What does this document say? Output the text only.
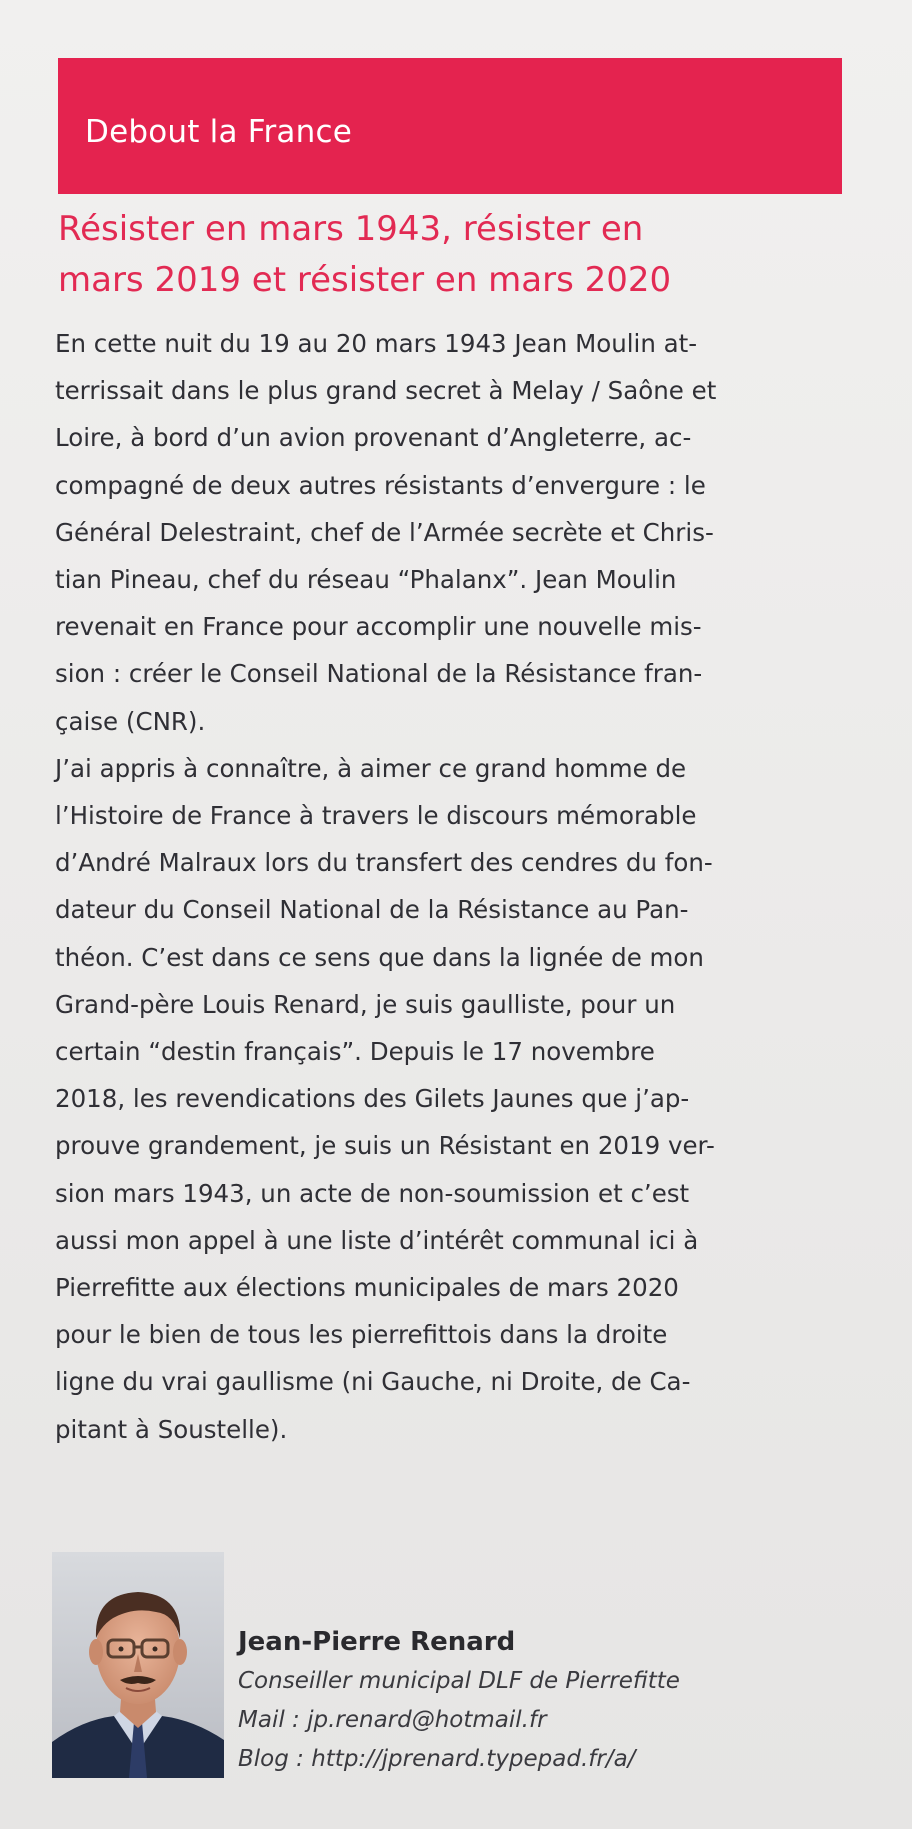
Debout la France
Résister en mars 1943, résister en
mars 2019 et résister en mars 2020
En cette nuit du 19 au 20 mars 1943 Jean Moulin at-
terrissait dans le plus grand secret à Melay / Saône et
Loire, à bord d’un avion provenant d’Angleterre, ac-
compagné de deux autres résistants d’envergure : le
Général Delestraint, chef de l’Armée secrète et Chris-
tian Pineau, chef du réseau “Phalanx”. Jean Moulin
revenait en France pour accomplir une nouvelle mis-
sion : créer le Conseil National de la Résistance fran-
çaise (CNR).
J’ai appris à connaître, à aimer ce grand homme de
l’Histoire de France à travers le discours mémorable
d’André Malraux lors du transfert des cendres du fon-
dateur du Conseil National de la Résistance au Pan-
théon. C’est dans ce sens que dans la lignée de mon
Grand-père Louis Renard, je suis gaulliste, pour un
certain “destin français”. Depuis le 17 novembre
2018, les revendications des Gilets Jaunes que j’ap-
prouve grandement, je suis un Résistant en 2019 ver-
sion mars 1943, un acte de non-soumission et c’est
aussi mon appel à une liste d’intérêt communal ici à
Pierrefitte aux élections municipales de mars 2020
pour le bien de tous les pierrefittois dans la droite
ligne du vrai gaullisme (ni Gauche, ni Droite, de Ca-
pitant à Soustelle).
Jean-Pierre Renard
Conseiller municipal DLF de Pierrefitte
Mail : jp.renard@hotmail.fr
Blog : http://jprenard.typepad.fr/a/
